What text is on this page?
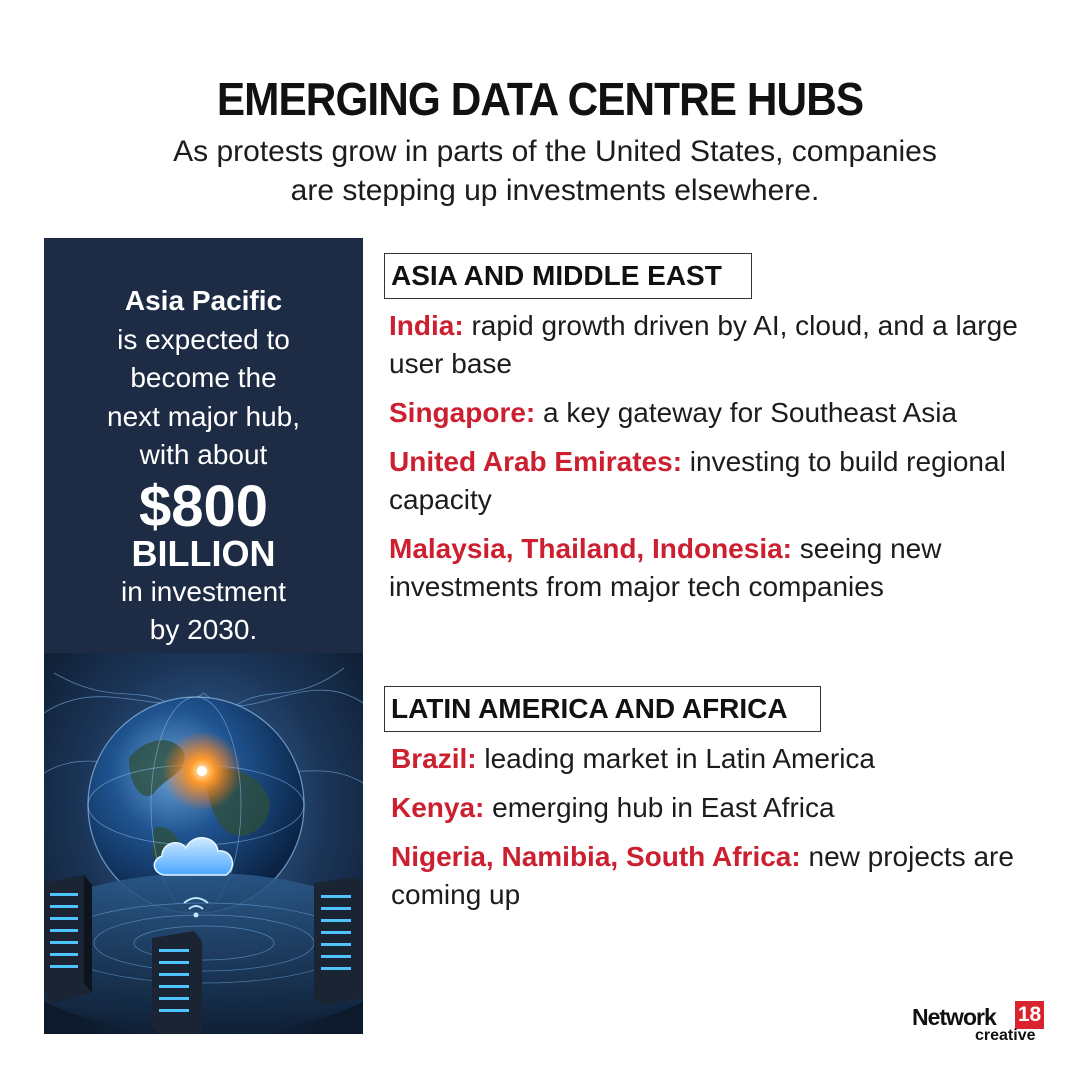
EMERGING DATA CENTRE HUBS
As protests grow in parts of the United States, companies
are stepping up investments elsewhere.
Asia Pacific
is expected to
become the
next major hub,
with about
$800
BILLION
in investment
by 2030.
ASIA AND MIDDLE EAST
India: rapid growth driven by AI, cloud, and a large user base
Singapore: a key gateway for Southeast Asia
United Arab Emirates: investing to build regional capacity
Malaysia, Thailand, Indonesia: seeing new investments from major tech companies
LATIN AMERICA AND AFRICA
Brazil: leading market in Latin America
Kenya: emerging hub in East Africa
Nigeria, Namibia, South Africa: new projects are coming up
Network 18
creative
